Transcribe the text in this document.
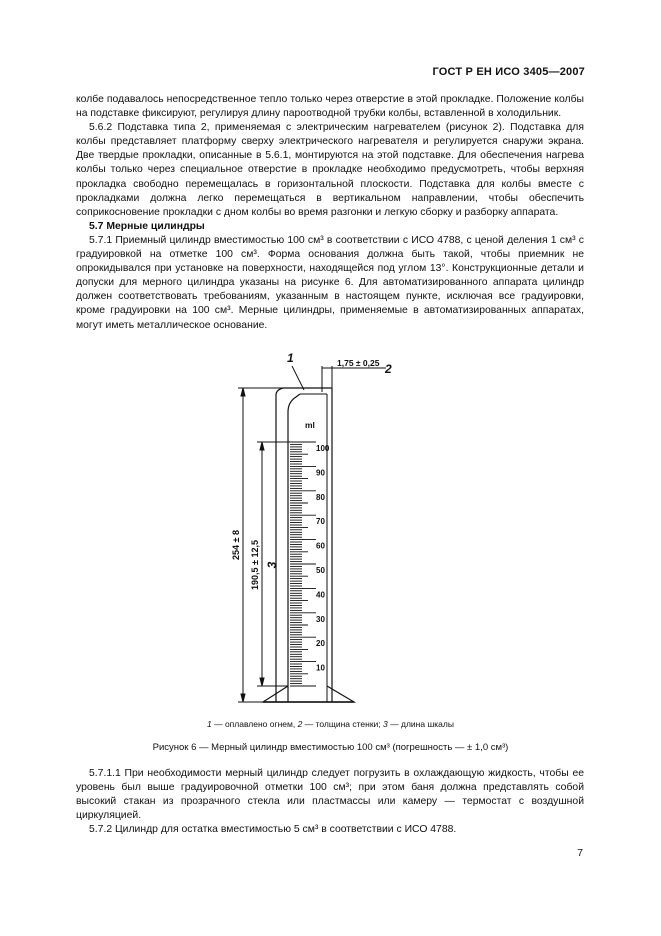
ГОСТ Р ЕН ИСО 3405—2007

колбе подавалось непосредственное тепло только через отверстие в этой прокладке. Положение колбы на подставке фиксируют, регулируя длину пароотводной трубки колбы, вставленной в холодильник.

5.6.2 Подставка типа 2, применяемая с электрическим нагревателем (рисунок 2). Подставка для колбы представляет платформу сверху электрического нагревателя и регулируется снаружи экрана. Две твердые прокладки, описанные в 5.6.1, монтируются на этой подставке. Для обеспечения нагрева колбы только через специальное отверстие в прокладке необходимо предусмотреть, чтобы верхняя прокладка свободно перемещалась в горизонтальной плоскости. Подставка для колбы вместе с прокладками должна легко перемещаться в вертикальном направлении, чтобы обеспечить соприкосновение прокладки с дном колбы во время разгонки и легкую сборку и разборку аппарата.

5.7 Мерные цилиндры

5.7.1 Приемный цилиндр вместимостью 100 см³ в соответствии с ИСО 4788, с ценой деления 1 см³ с градуировкой на отметке 100 см³. Форма основания должна быть такой, чтобы приемник не опрокидывался при установке на поверхности, находящейся под углом 13°. Конструкционные детали и допуски для мерного цилиндра указаны на рисунке 6. Для автоматизированного аппарата цилиндр должен соответствовать требованиям, указанным в настоящем пункте, исключая все градуировки, кроме градуировки на 100 см³. Мерные цилиндры, применяемые в автоматизированных аппаратах, могут иметь металлическое основание.

100
90
80
70
60
50
40
30
20
10
1
2
1,75 ± 0,25
ml
254 ± 8 190,5 ± 12,5 3
1 — оплавлено огнем, 2 — толщина стенки; 3 — длина шкалы
Рисунок 6 — Мерный цилиндр вместимостью 100 см³ (погрешность — ± 1,0 см³)

5.7.1.1 При необходимости мерный цилиндр следует погрузить в охлаждающую жидкость, чтобы ее уровень был выше градуировочной отметки 100 см³; при этом баня должна представлять собой высокий стакан из прозрачного стекла или пластмассы или камеру — термостат с воздушной циркуляцией.

5.7.2 Цилиндр для остатка вместимостью 5 см³ в соответствии с ИСО 4788.

7
